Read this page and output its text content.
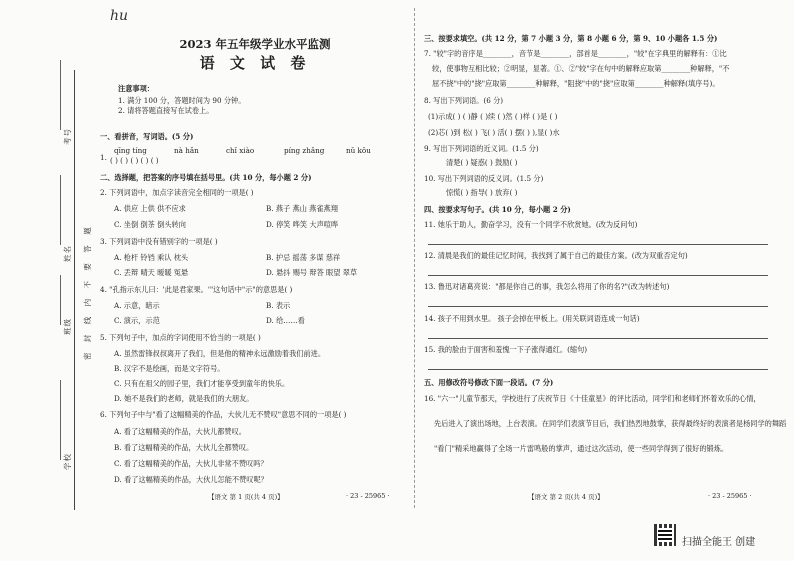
考号
姓名
班级
学校
密 封 线 内 不 要 答 题
hu
2023 年五年级学业水平监测
语 文 试 卷
注意事项：
1. 满分 100 分，答题时间为 90 分钟。
2. 请将答题直接写在试卷上。
一、看拼音，写词语。(5 分)
1.
qīng tíng	nà hǎn	chǐ xiào	píng zhǎng	nǔ kǒu
( ) ( ) ( ) ( ) ( )
二、选择题，把答案的序号填在括号里。(共 10 分，每小题 2 分)
2. 下列词语中，加点字读音完全相同的一项是( )
A. 供应 上供 供不应求	B. 燕子 燕山 燕雀燕翔
C. 坐倒 倒茶 倒头转向	D. 停笑 哗笑 大声喧哗
3. 下列词语中没有错别字的一项是( )
A. 枪杆 铃铛 乘认 枕头	B. 护忌 摇荡 多谋 慈祥
C. 丢辩 晴天 暧暖 冤悬	D. 悬抖 赐号 辩答 眼望 翠草
4. "孔指示东儿曰：'此是君家果。'"这句话中"示"的意思是( )
A. 示意，暗示	B. 表示
C. 演示，示范	D. 给……看
5. 下列句子中，加点的字词使用不恰当的一项是( )
A. 虽然雷锋叔叔离开了我们，但是他的精神永远激励着我们前进。
B. 汉字不是绘画，而是文字符号。
C. 只有在祖父的园子里，我们才能享受到童年的快乐。
D. 她不是我们的老师，就是我们的大朋友。
6. 下列句子中与"看了这幅精美的作品，大伙儿无不赞叹"意思不同的一项是( )
A. 看了这幅精美的作品，大伙儿都赞叹。
B. 看了这幅精美的作品，大伙儿全都赞叹。
C. 看了这幅精美的作品，大伙儿非常不赞叹吗？
D. 看了这幅精美的作品，大伙儿怎能不赞叹呢？
【语文 第 1 页(共 4 页)】	· 23 - 25965 ·
三、按要求填空。(共 12 分，第 7 小题 3 分，第 8 小题 6 分，第 9、10 小题各 1.5 分)
7. "较"字的音序是________，音节是________，部首是________，"较"在字典里的解释有：①比
较，使事物互相比较；②明显，显著。①、②"较"字在句中的解释应取第________种解释，"不
屈不挠"中的"挠"应取第________种解释，"阻挠"中的"挠"应取第________种解释(填序号)。
8. 写出下列词语。(6 分)
(1)示成( ) ( )静 ( )续 ( )然 ( )样 ( )是 ( )
(2)芯( )到 松( ) 飞( ) 活( ) 摆( ) ),显( )水
9. 写出下列词语的近义词。(1.5 分)
清楚( ) 疑惑( ) 鼓励( )
10. 写出下列词语的反义词。(1.5 分)
惊慌( ) 指导( ) 放弃( )
四、按要求写句子。(共 10 分，每小题 2 分)
11. 她乐于助人，勤奋学习，没有一个同学不欣赏她。(改为反问句)
12. 清晨是我们的最佳记忆时间，我找到了属于自己的最佳方案。(改为双重否定句)
13. 鲁迅对诸葛亮说："都是你自己的事，我怎么将用了你的名?"(改为转述句)
14. 孩子不用到水里。 孩子会掉在甲板上。(用关联词语连成一句话)
15. 我的脸由于面害和羞愧一下子涨得通红。(缩句)
五、用修改符号修改下面一段话。(7 分)
16. "六一"儿童节那天，学校进行了庆祝节日《十佳童星》的评比活动，同学们和老师们怀着欢乐的心情，
先后进入了演出场地，上台表演。在同学们表演节目后，我们热烈地鼓掌，获得最终好的表演者是杨同学的舞蹈
"看门"精采地赢得了全场一片雷鸣般的掌声，通过这次活动，使一些同学得到了很好的锻炼。
【语文 第 2 页(共 4 页)】	· 23 - 25965 ·
扫描全能王 创建
